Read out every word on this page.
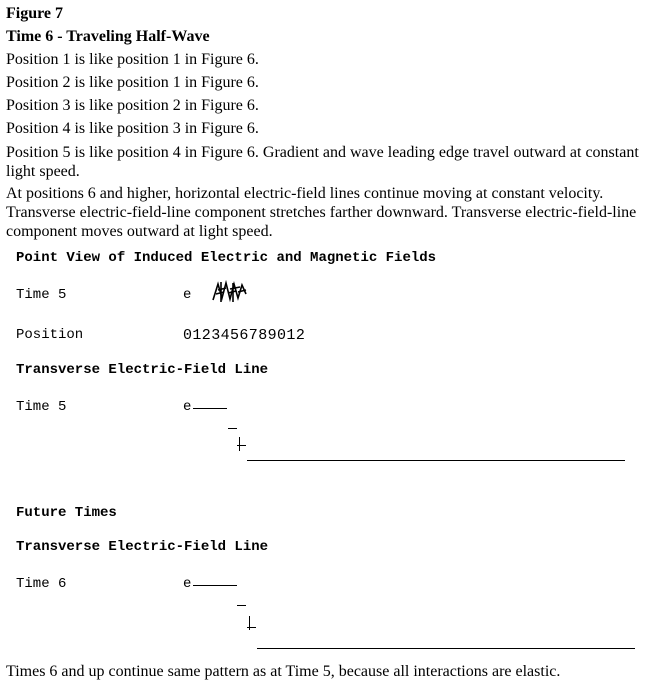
Figure 7
Time 6 - Traveling Half-Wave
Position 1 is like position 1 in Figure 6.
Position 2 is like position 1 in Figure 6.
Position 3 is like position 2 in Figure 6.
Position 4 is like position 3 in Figure 6.
Position 5 is like position 4 in Figure 6. Gradient and wave leading edge travel outward at constant light speed.
At positions 6 and higher, horizontal electric-field lines continue moving at constant velocity. Transverse electric-field-line component stretches farther downward. Transverse electric-field-line component moves outward at light speed.
Point View of Induced Electric and Magnetic Fields
Time 5	e
Position	0123456789012
Transverse Electric-Field Line
Time 5	e
Future Times
Transverse Electric-Field Line
Time 6	e
Times 6 and up continue same pattern as at Time 5, because all interactions are elastic.
